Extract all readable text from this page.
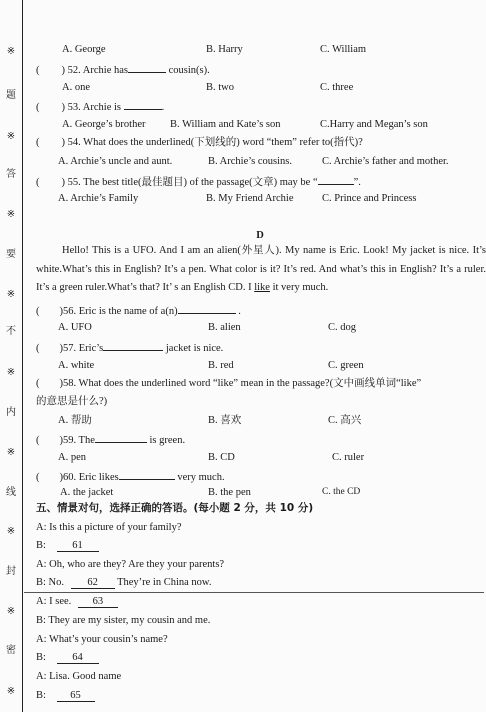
※
题
※
答
※
要
※
不
※
内
※
线
※
封
※
密
※
A. George	B. Harry	C. William
( ) 52. Archie has	cousin(s).
A. one	B. two	C. three
( ) 53. Archie is	.
A. George’s brother B. William and Kate’s son	C.Harry and Megan’s son
( ) 54. What does the underlined(下划线的) word “them” refer to(指代)?
A. Archie’s uncle and aunt.	B. Archie’s cousins.	C. Archie’s father and mother.
( ) 55. The best title(最佳题目) of the passage(文章) may be “	”.
A. Archie’s Family	B. My Friend Archie	C. Prince and Princess
D
Hello! This is a UFO. And I am an alien(外星人). My name is Eric. Look! My jacket is nice. It’s white.What’s this in English? It’s a pen. What color is it? It’s red. And what’s this in English? It’s a ruler. It’s a green ruler.What’s that? It’ s an English CD. I like it very much.
( )56. Eric is the name of a(n)	.
A. UFO	B. alien	C. dog
( )57. Eric’s	jacket is nice.
A. white	B. red	C. green
( )58. What does the underlined word “like” mean in the passage?(文中画线单词“like”
的意思是什么?)
A. 帮助	B. 喜欢	C. 高兴
( )59. The	is green.
A. pen	B. CD	C. ruler
( )60. Eric likes	very much.
A. the jacket	B. the pen	C. the CD
五、情景对句，选择正确的答语。(每小题 2 分，共 10 分)
A: Is this a picture of your family?
B:	61
A: Oh, who are they? Are they your parents?
B: No. 62 They’re in China now.
A: I see. 63
B: They are my sister, my cousin and me.
A: What’s your cousin’s name?
B:	64
A: Lisa. Good name
B: 65
